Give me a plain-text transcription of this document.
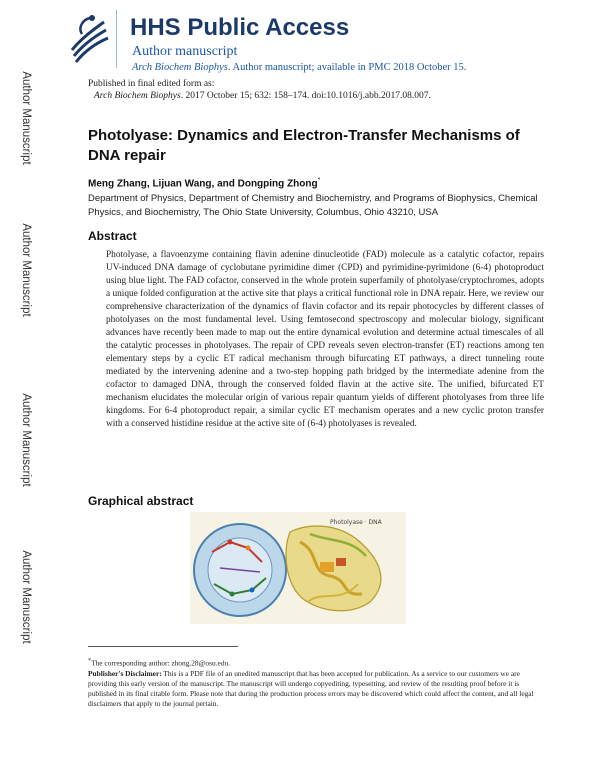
Author Manuscript
Author Manuscript
Author Manuscript
Author Manuscript
HHS Public Access
Author manuscript
Arch Biochem Biophys. Author manuscript; available in PMC 2018 October 15.
Published in final edited form as:
Arch Biochem Biophys. 2017 October 15; 632: 158–174. doi:10.1016/j.abb.2017.08.007.
Photolyase: Dynamics and Electron-Transfer Mechanisms of DNA repair
Meng Zhang, Lijuan Wang, and Dongping Zhong*
Department of Physics, Department of Chemistry and Biochemistry, and Programs of Biophysics, Chemical Physics, and Biochemistry, The Ohio State University, Columbus, Ohio 43210, USA
Abstract
Photolyase, a flavoenzyme containing flavin adenine dinucleotide (FAD) molecule as a catalytic cofactor, repairs UV-induced DNA damage of cyclobutane pyrimidine dimer (CPD) and pyrimidine-pyrimidone (6-4) photoproduct using blue light. The FAD cofactor, conserved in the whole protein superfamily of photolyase/cryptochromes, adopts a unique folded configuration at the active site that plays a critical functional role in DNA repair. Here, we review our comprehensive characterization of the dynamics of flavin cofactor and its repair photocycles by different classes of photolyases on the most fundamental level. Using femtosecond spectroscopy and molecular biology, significant advances have recently been made to map out the entire dynamical evolution and determine actual timescales of all the catalytic processes in photolyases. The repair of CPD reveals seven electron-transfer (ET) reactions among ten elementary steps by a cyclic ET radical mechanism through bifurcating ET pathways, a direct tunneling route mediated by the intervening adenine and a two-step hopping path bridged by the intermediate adenine from the cofactor to damaged DNA, through the conserved folded flavin at the active site. The unified, bifurcated ET mechanism elucidates the molecular origin of various repair quantum yields of different photolyases from three life kingdoms. For 6-4 photoproduct repair, a similar cyclic ET mechanism operates and a new cyclic proton transfer with a conserved histidine residue at the active site of (6-4) photolyases is revealed.
Graphical abstract
Photolyase · DNA
*The corresponding author: zhong.28@osu.edu.
Publisher's Disclaimer: This is a PDF file of an unedited manuscript that has been accepted for publication. As a service to our customers we are providing this early version of the manuscript. The manuscript will undergo copyediting, typesetting, and review of the resulting proof before it is published in its final citable form. Please note that during the production process errors may be discovered which could affect the content, and all legal disclaimers that apply to the journal pertain.
